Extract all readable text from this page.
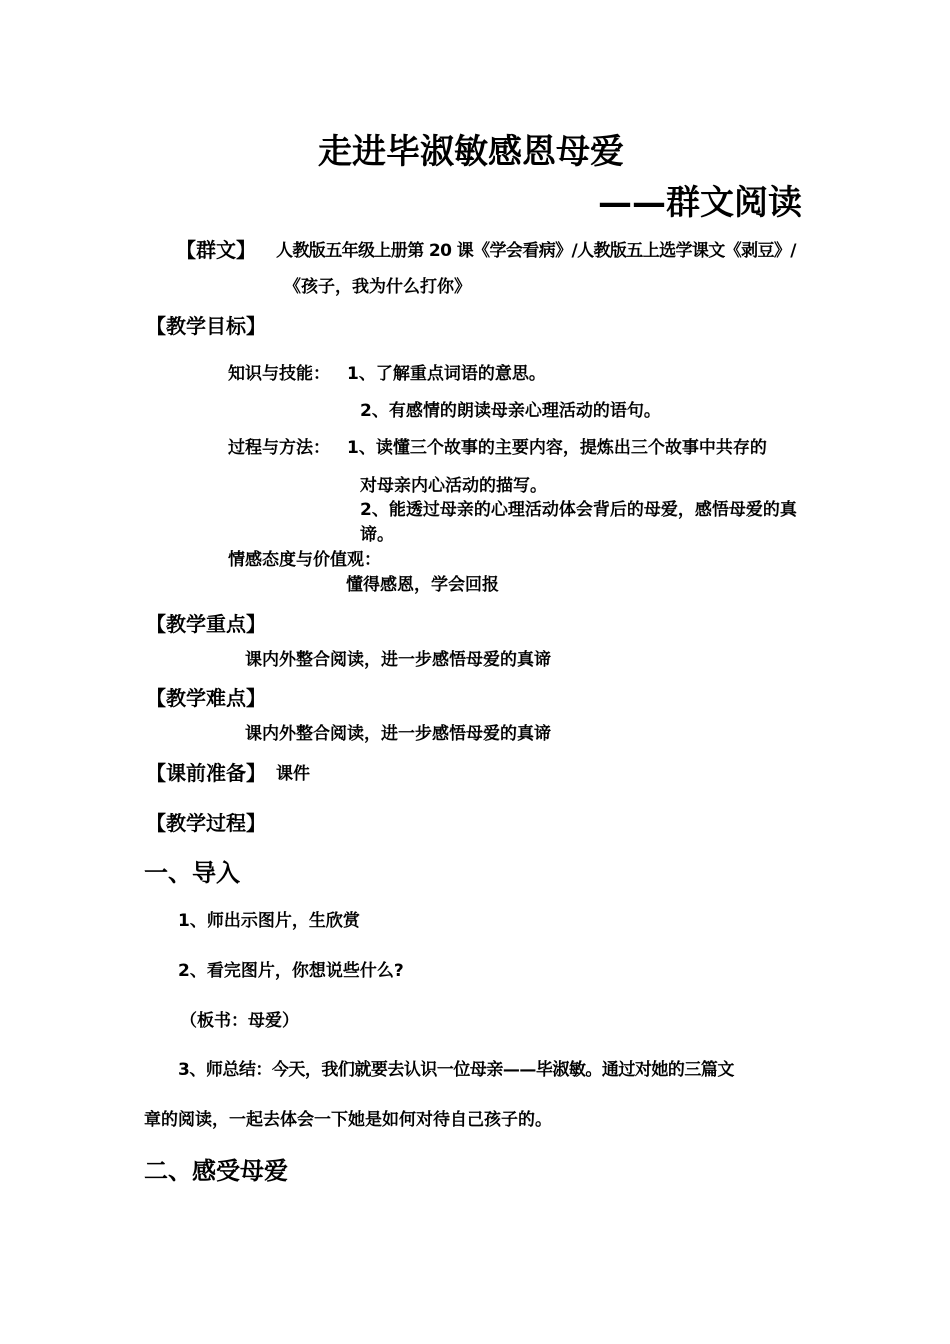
走进毕淑敏感恩母爱
——群文阅读
【群文】 人教版五年级上册第 20 课《学会看病》/人教版五上选学课文《剥豆》/
《孩子，我为什么打你》
【教学目标】
知识与技能： 1、了解重点词语的意思。
2、有感情的朗读母亲心理活动的语句。
过程与方法： 1、读懂三个故事的主要内容，提炼出三个故事中共存的
对母亲内心活动的描写。
2、能透过母亲的心理活动体会背后的母爱，感悟母爱的真
谛。
情感态度与价值观：
懂得感恩，学会回报
【教学重点】
课内外整合阅读，进一步感悟母爱的真谛
【教学难点】
课内外整合阅读，进一步感悟母爱的真谛
【课前准备】 课件
【教学过程】
一、导入
1、师出示图片，生欣赏
2、看完图片，你想说些什么?
（板书：母爱）
3、师总结：今天，我们就要去认识一位母亲——毕淑敏。通过对她的三篇文
章的阅读，一起去体会一下她是如何对待自己孩子的。
二、感受母爱
